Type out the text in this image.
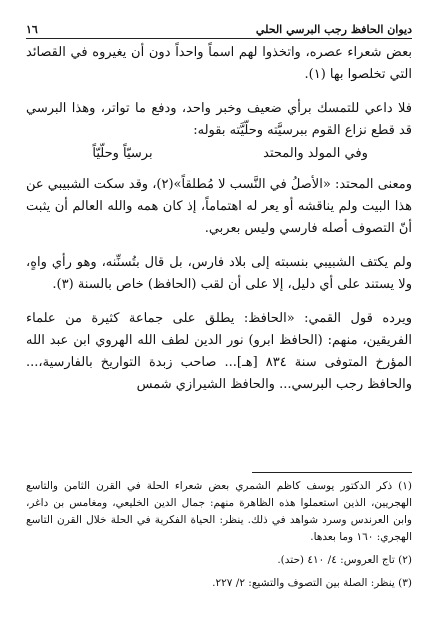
ديوان الحافظ رجب البرسي الحلي
١٦

بعض شعراء عصره، واتخذوا لهم اسماً واحداً دون أن يغيروه في القصائد التي تخلصوا بها (١).

فلا داعي للتمسك برأي ضعيف وخبر واحد، ودفع ما تواتر، وهذا البرسي قد قطع نزاع القوم ببرسيَّته وحلّيَّته بقوله:

وفي المولد والمحتد
برسيّاً وحلّيّاً

ومعنى المحتد: «الأصلُ في النَّسب لا مُطلقاً»(٢)، وقد سكت الشبيبي عن هذا البيت ولم يناقشه أو يعر له اهتماماً، إذ كان همه والله العالم أن يثبت أنّ التصوف أصله فارسي وليس بعربي.

ولم يكتف الشبيبي بنسبته إلى بلاد فارس، بل قال بتُسنِّنه، وهو رأي واهٍ، ولا يستند على أي دليل، إلا على أن لقب (الحافظ) خاص بالسنة (٣).

ويرده قول القمي: «الحافظ: يطلق على جماعة كثيرة من علماء الفريقين، منهم: (الحافظ ابرو) نور الدين لطف الله الهروي ابن عبد الله المؤرخ المتوفى سنة ٨٣٤ [هـ]... صاحب زبدة التواريخ بالفارسية،... والحافظ رجب البرسي... والحافظ الشيرازي شمس

(١) ذكر الدكتور يوسف كاظم الشمري بعض شعراء الحلة في القرن الثامن والتاسع الهجريين، الذين استعملوا هذه الظاهرة منهم: جمال الدين الخليعي، ومغامس بن داغر، وابن العرندس وسرد شواهد في ذلك. ينظر: الحياة الفكرية في الحلة خلال القرن التاسع الهجري: ١٦٠ وما بعدها.

(٢) تاج العروس: ٤/ ٤١٠ (حتد).

(٣) ينظر: الصلة بين التصوف والتشيع: ٢/ ٢٢٧.
